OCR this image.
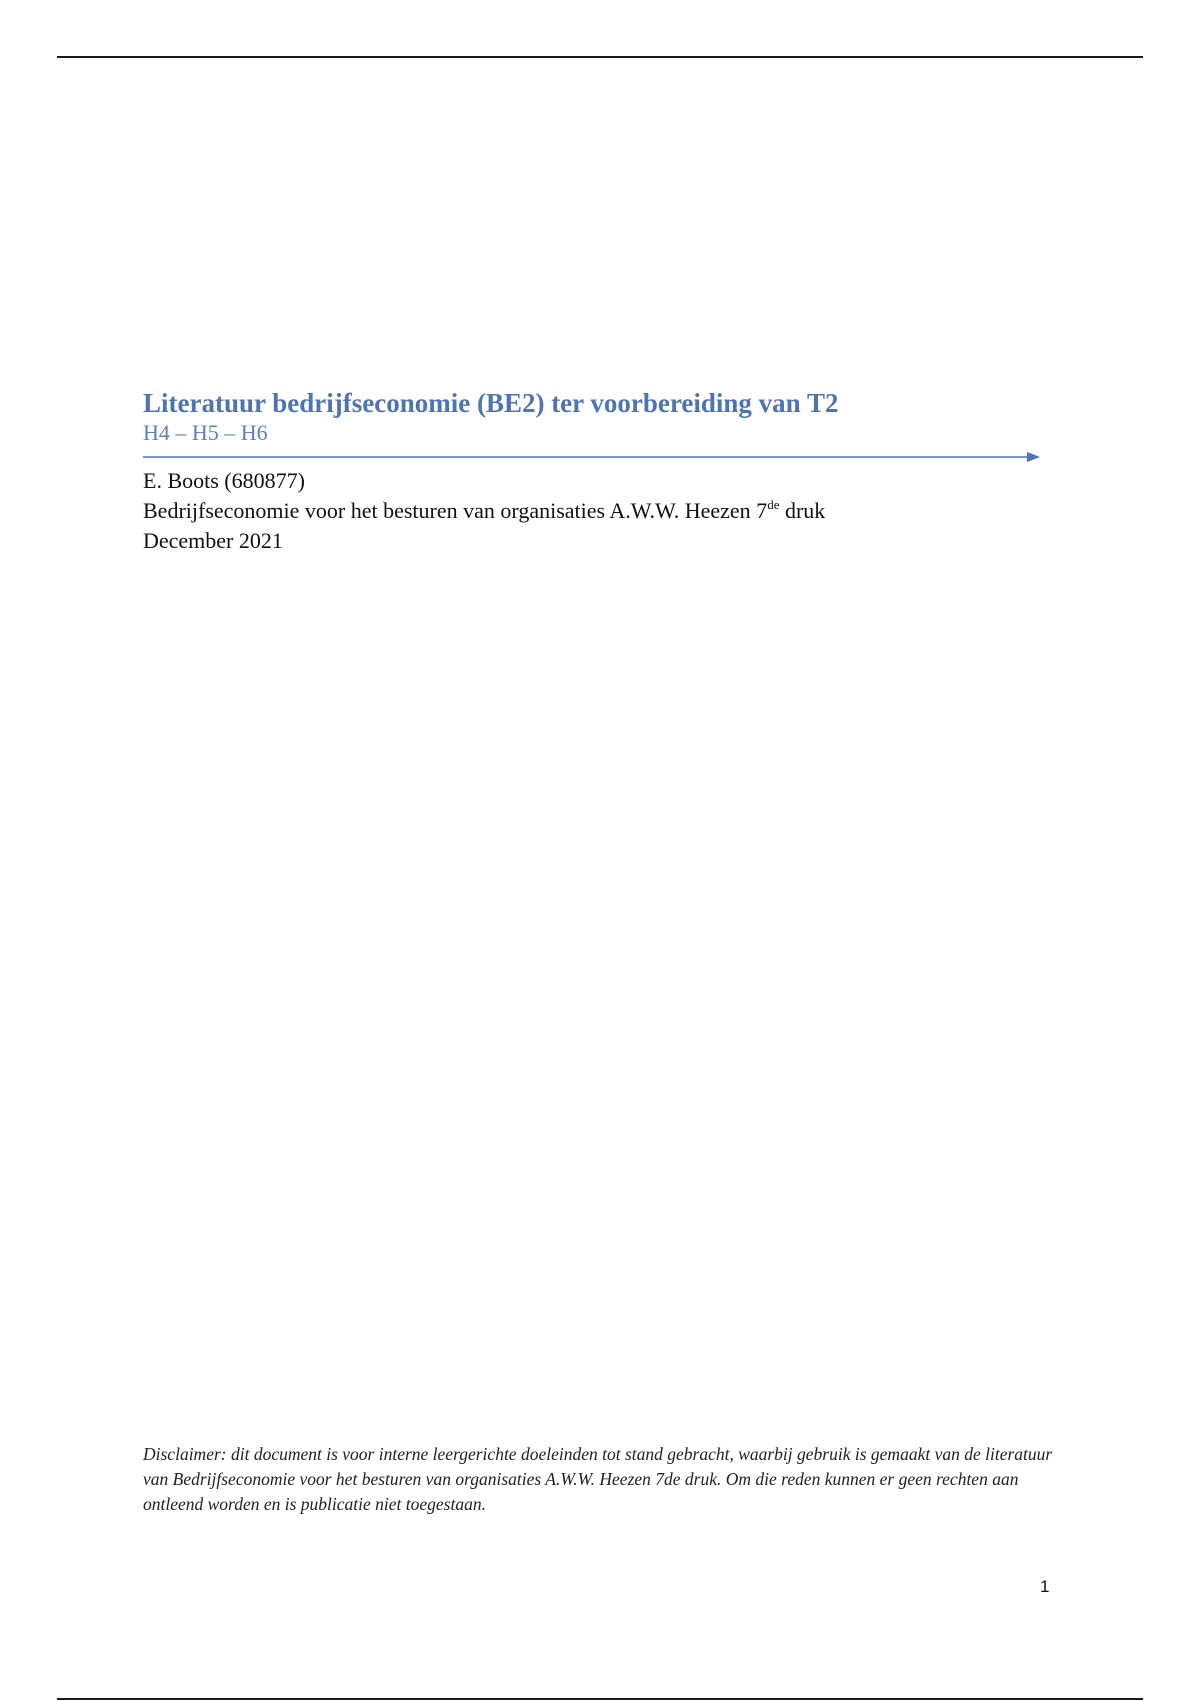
Literatuur bedrijfseconomie (BE2) ter voorbereiding van T2

H4 – H5 – H6

E. Boots (680877)

Bedrijfseconomie voor het besturen van organisaties A.W.W. Heezen 7de druk

December 2021

Disclaimer: dit document is voor interne leergerichte doeleinden tot stand gebracht, waarbij gebruik is gemaakt van de literatuur van Bedrijfseconomie voor het besturen van organisaties A.W.W. Heezen 7de druk. Om die reden kunnen er geen rechten aan ontleend worden en is publicatie niet toegestaan.

1
